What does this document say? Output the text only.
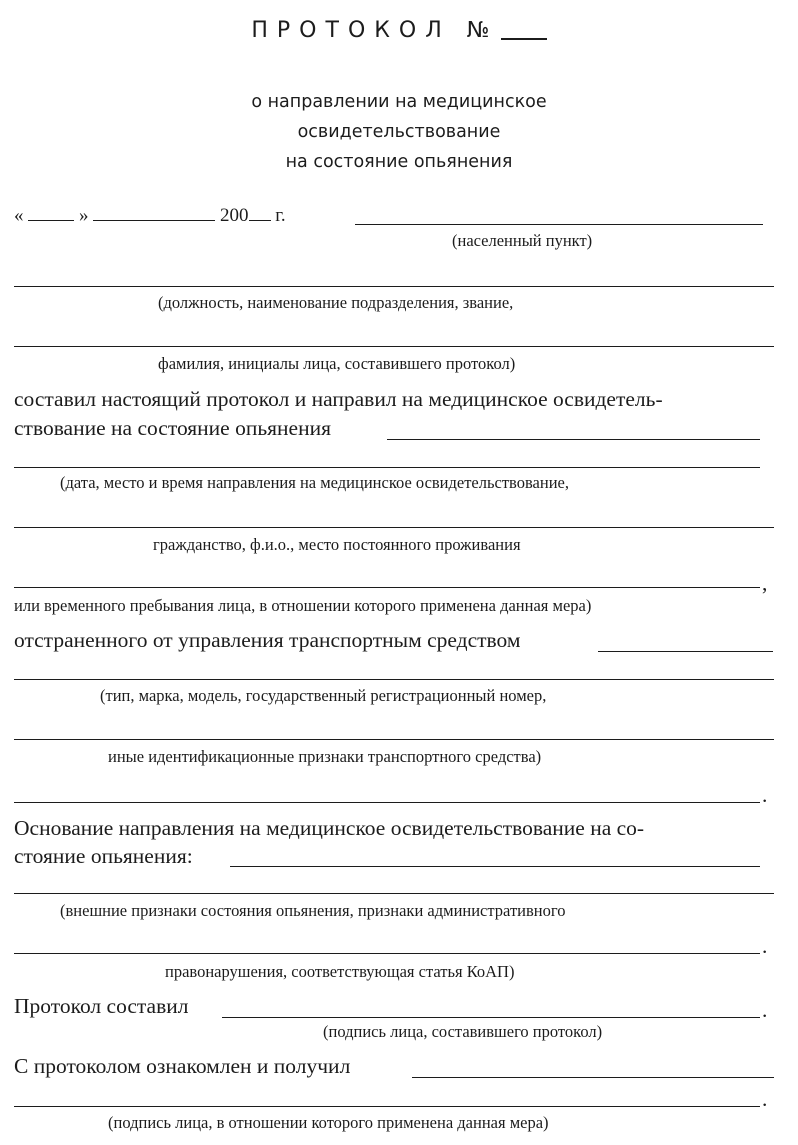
ПРОТОКОЛ №
о направлении на медицинское
освидетельствование
на состояние опьянения
«	»	200 г.
(населенный пункт)
(должность, наименование подразделения, звание,
фамилия, инициалы лица, составившего протокол)
составил настоящий протокол и направил на медицинское освидетель-
ствование на состояние опьянения
(дата, место и время направления на медицинское освидетельствование,
гражданство, ф.и.о., место постоянного проживания
,
или временного пребывания лица, в отношении которого применена данная мера)
отстраненного от управления транспортным средством
(тип, марка, модель, государственный регистрационный номер,
иные идентификационные признаки транспортного средства)
.
Основание направления на медицинское освидетельствование на со-
стояние опьянения:
(внешние признаки состояния опьянения, признаки административного
.
правонарушения, соответствующая статья КоАП)
Протокол составил	.
(подпись лица, составившего протокол)
С протоколом ознакомлен и получил
.
(подпись лица, в отношении которого применена данная мера)
